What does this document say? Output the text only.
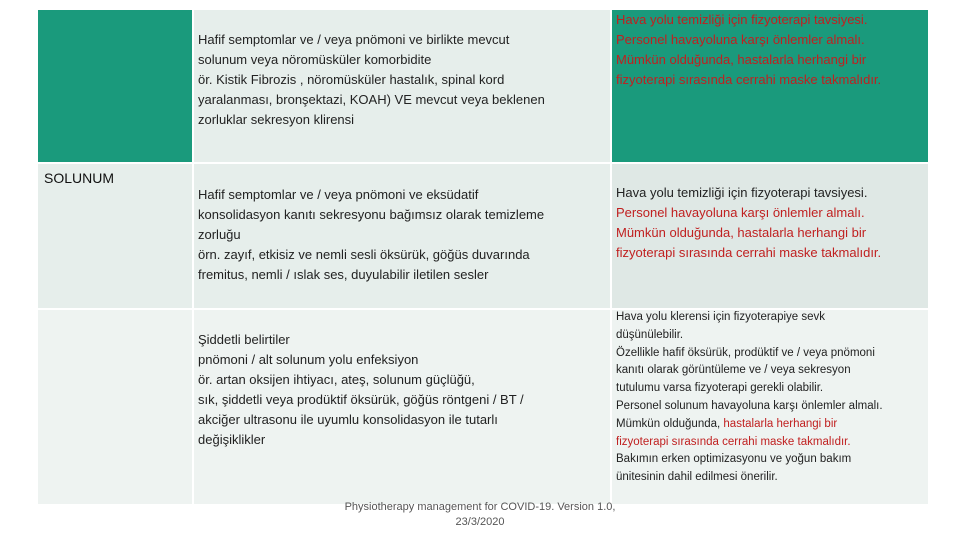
SOLUNUM

Hafif semptomlar ve / veya pnömoni ve birlikte mevcut
solunum veya nöromüsküler komorbidite
ör. Kistik Fibrozis , nöromüsküler hastalık, spinal kord
yaralanması, bronşektazi, KOAH) VE mevcut veya beklenen
zorluklar sekresyon klirensi

Hava yolu temizliği için fizyoterapi tavsiyesi.
Personel havayoluna karşı önlemler almalı.
Mümkün olduğunda, hastalarla herhangi bir
fizyoterapi sırasında cerrahi maske takmalıdır.

Hafif semptomlar ve / veya pnömoni ve eksüdatif
konsolidasyon kanıtı sekresyonu bağımsız olarak temizleme
zorluğu
örn. zayıf, etkisiz ve nemli sesli öksürük, göğüs duvarında
fremitus, nemli / ıslak ses, duyulabilir iletilen sesler

Hava yolu temizliği için fizyoterapi tavsiyesi.
Personel havayoluna karşı önlemler almalı.
Mümkün olduğunda, hastalarla herhangi bir
fizyoterapi sırasında cerrahi maske takmalıdır.

Şiddetli belirtiler
pnömoni / alt solunum yolu enfeksiyon
ör. artan oksijen ihtiyacı, ateş, solunum güçlüğü,
sık, şiddetli veya prodüktif öksürük, göğüs röntgeni / BT /
akciğer ultrasonu ile uyumlu konsolidasyon ile tutarlı
değişiklikler

Hava yolu klerensi için fizyoterapiye sevk
düşünülebilir.
Özellikle hafif öksürük, prodüktif ve / veya pnömoni
kanıtı olarak görüntüleme ve / veya sekresyon
tutulumu varsa fizyoterapi gerekli olabilir.
Personel solunum havayoluna karşı önlemler almalı.
Mümkün olduğunda, hastalarla herhangi bir
fizyoterapi sırasında cerrahi maske takmalıdır.
Bakımın erken optimizasyonu ve yoğun bakım
ünitesinin dahil edilmesi önerilir.

Physiotherapy management for COVID-19. Version 1.0,
23/3/2020
